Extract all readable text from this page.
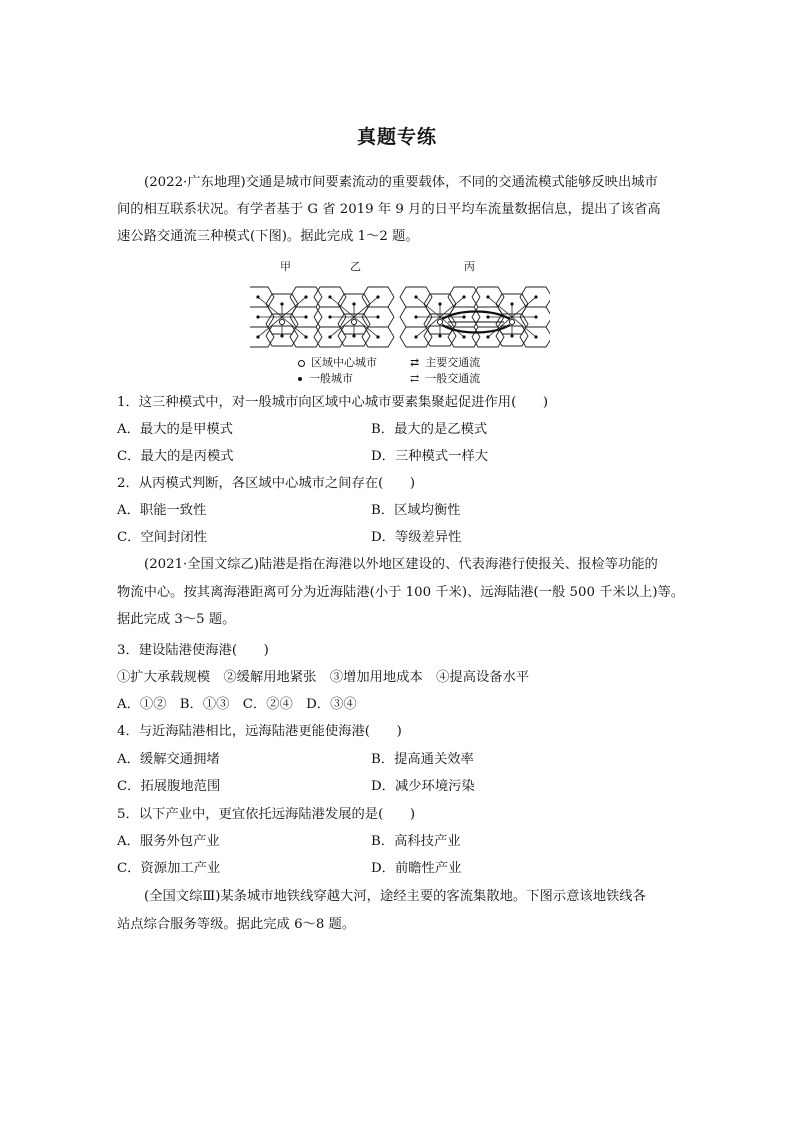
真题专练
(2022·广东地理)交通是城市间要素流动的重要载体，不同的交通流模式能够反映出城市
间的相互联系状况。有学者基于 G 省 2019 年 9 月的日平均车流量数据信息，提出了该省高
速公路交通流三种模式(下图)。据此完成 1～2 题。
甲	乙	丙
区域中心城市
一般城市
⇄ 主要交通流
⇄ 一般交通流
1．这三种模式中，对一般城市向区域中心城市要素集聚起促进作用(　　)
A．最大的是甲模式	B．最大的是乙模式
C．最大的是丙模式	D．三种模式一样大
2．从丙模式判断，各区域中心城市之间存在(　　)
A．职能一致性	B．区域均衡性
C．空间封闭性	D．等级差异性
(2021·全国文综乙)陆港是指在海港以外地区建设的、代表海港行使报关、报检等功能的
物流中心。按其离海港距离可分为近海陆港(小于 100 千米)、远海陆港(一般 500 千米以上)等。
据此完成 3～5 题。
3．建设陆港使海港(　　)
①扩大承载规模　②缓解用地紧张　③增加用地成本　④提高设备水平
A．①②　B．①③　C．②④　D．③④
4．与近海陆港相比，远海陆港更能使海港(　　)
A．缓解交通拥堵	B．提高通关效率
C．拓展腹地范围	D．减少环境污染
5．以下产业中，更宜依托远海陆港发展的是(　　)
A．服务外包产业	B．高科技产业
C．资源加工产业	D．前瞻性产业
(全国文综Ⅲ)某条城市地铁线穿越大河，途经主要的客流集散地。下图示意该地铁线各
站点综合服务等级。据此完成 6～8 题。
